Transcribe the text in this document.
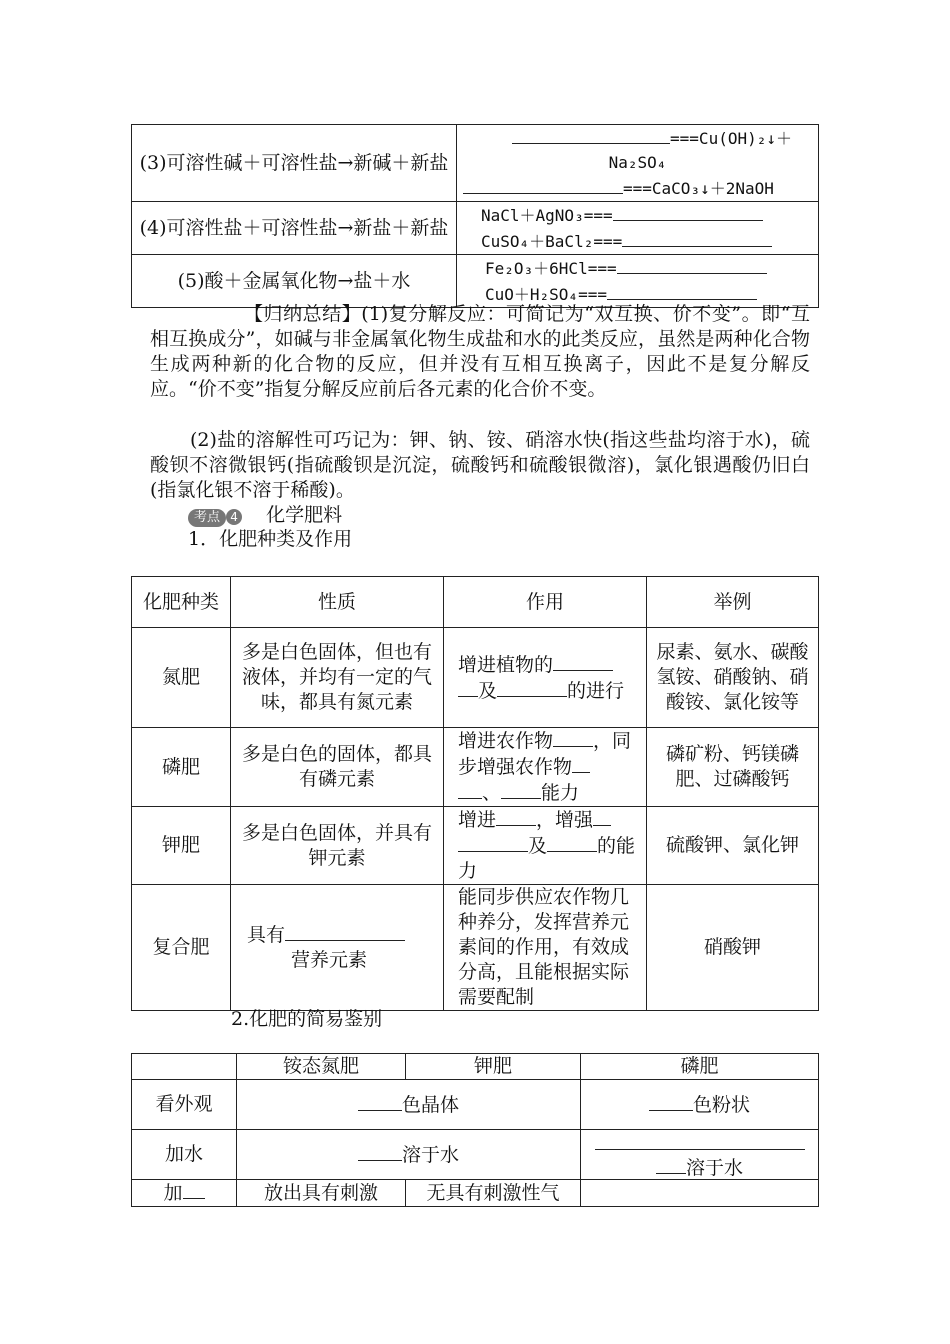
(3)可溶性碱＋可溶性盐→新碱＋新盐	===Cu(OH)₂↓＋
Na₂SO₄
===CaCO₃↓＋2NaOH

(4)可溶性盐＋可溶性盐→新盐＋新盐	NaCl＋AgNO₃===
CuSO₄＋BaCl₂===

(5)酸＋金属氧化物→盐＋水	Fe₂O₃＋6HCl===
CuO＋H₂SO₄===

【归纳总结】(1)复分解反应：可简记为“双互换、价不变”。即“互相互换成分”，如碱与非金属氧化物生成盐和水的此类反应，虽然是两种化合物生成两种新的化合物的反应，但并没有互相互换离子，因此不是复分解反应。“价不变”指复分解反应前后各元素的化合价不变。

(2)盐的溶解性可巧记为：钾、钠、铵、硝溶水快(指这些盐均溶于水)，硫酸钡不溶微银钙(指硫酸钡是沉淀，硫酸钙和硫酸银微溶)，氯化银遇酸仍旧白(指氯化银不溶于稀酸)。

考点 4 化学肥料
1．化肥种类及作用
化肥种类	性质	作用	举例
氮肥	多是白色固体，但也有液体，并均有一定的气味，都具有氮元素	增进植物的
及 的进行	尿素、氨水、碳酸氢铵、硝酸钠、硝酸铵、氯化铵等
磷肥	多是白色的固体，都具有磷元素	增进农作物 ，同步增强农作物
、 能力	磷矿粉、钙镁磷肥、过磷酸钙
钾肥	多是白色固体，并具有钾元素	增进 ，增强
及 的能力	硫酸钾、氯化钾
复合肥	具有
营养元素	能同步供应农作物几种养分，发挥营养元素间的作用，有效成分高，且能根据实际需要配制	硝酸钾
2.化肥的简易鉴别
	铵态氮肥	钾肥	磷肥
看外观	色晶体		色粉状
加水	溶于水		溶于水

加	放出具有刺激	无具有刺激性气	
